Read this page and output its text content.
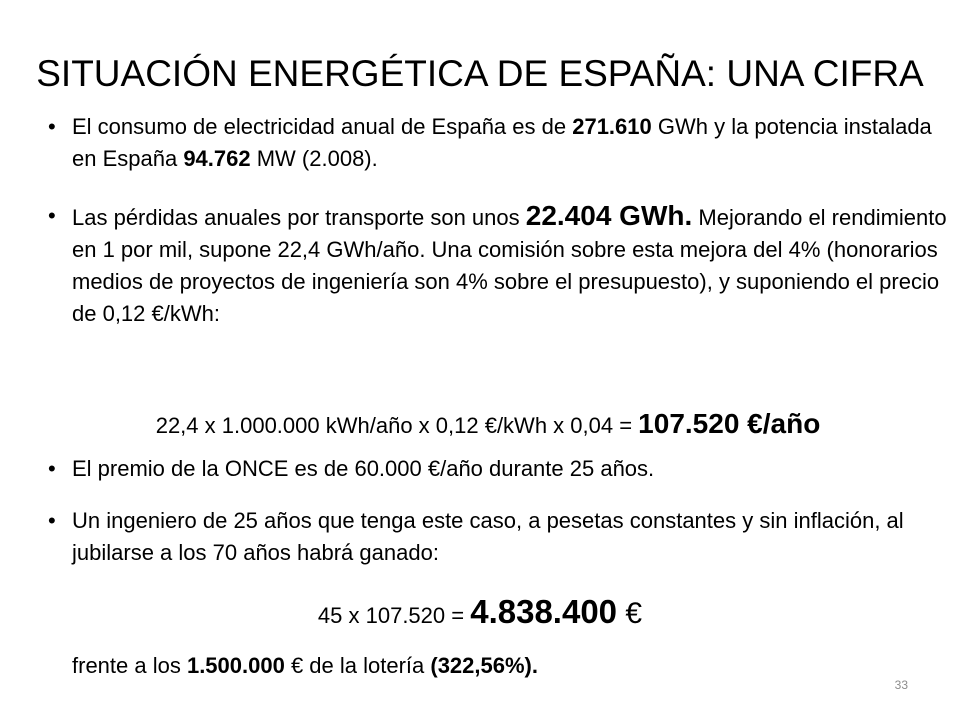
SITUACIÓN ENERGÉTICA DE ESPAÑA: UNA CIFRA
• El consumo de electricidad anual de España es de 271.610 GWh y la potencia instalada en España 94.762 MW (2.008).
• Las pérdidas anuales por transporte son unos 22.404 GWh. Mejorando el rendimiento en 1 por mil, supone 22,4 GWh/año. Una comisión sobre esta mejora del 4% (honorarios medios de proyectos de ingeniería son 4% sobre el presupuesto), y suponiendo el precio de 0,12 €/kWh:
22,4 x 1.000.000 kWh/año x 0,12 €/kWh x 0,04 = 107.520 €/año
• El premio de la ONCE es de 60.000 €/año durante 25 años.
• Un ingeniero de 25 años que tenga este caso, a pesetas constantes y sin inflación, al jubilarse a los 70 años habrá ganado:
45 x 107.520 = 4.838.400 €
frente a los 1.500.000 € de la lotería (322,56%).
33
